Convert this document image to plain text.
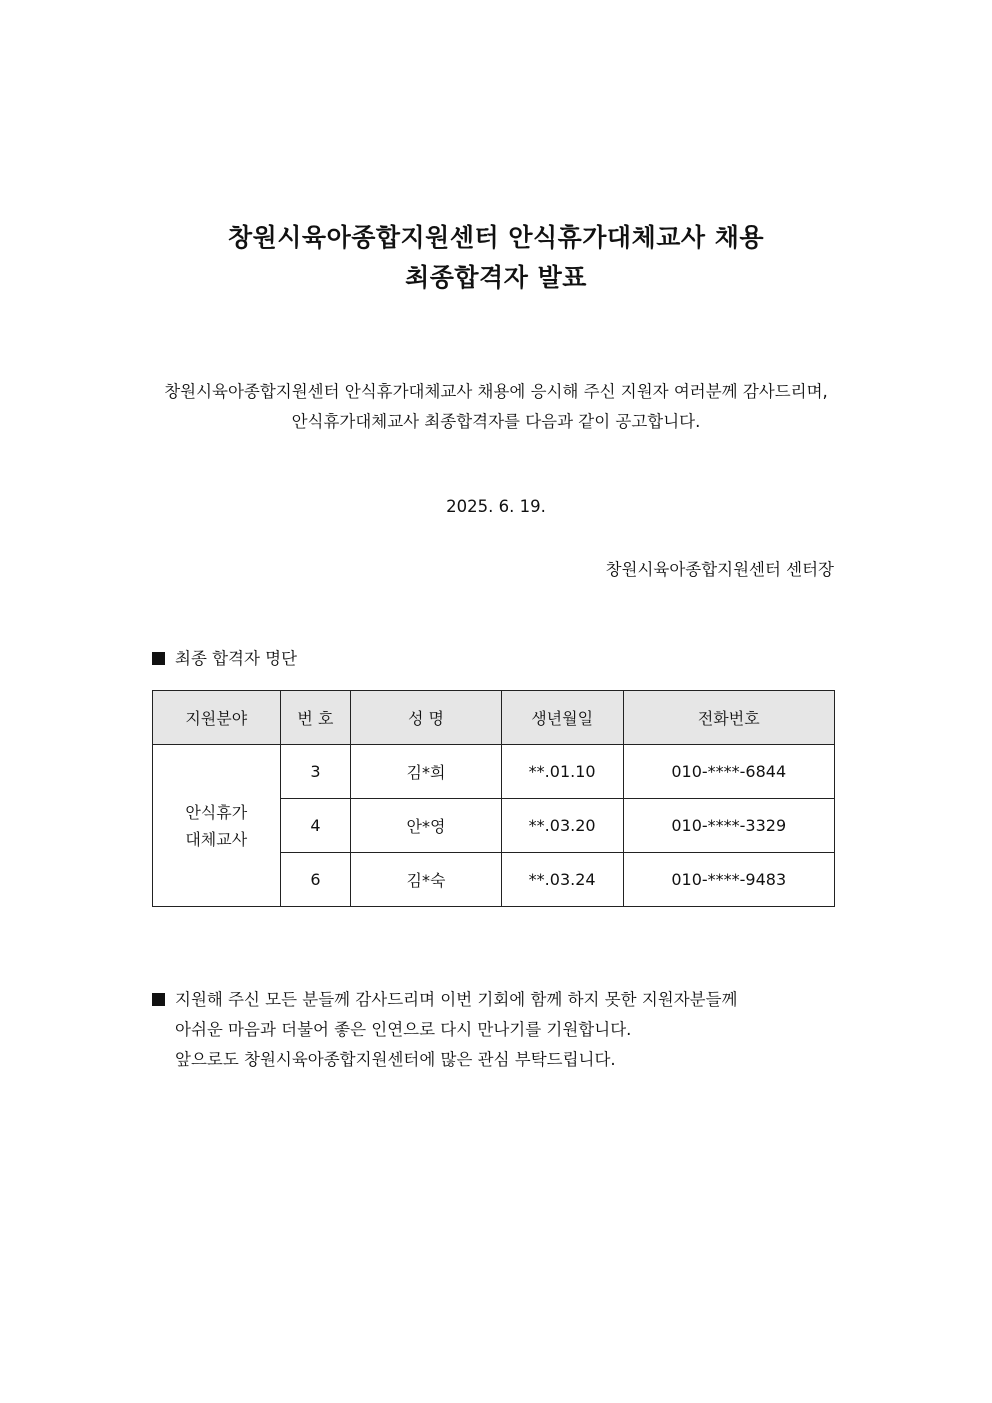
창원시육아종합지원센터 안식휴가대체교사 채용
최종합격자 발표
창원시육아종합지원센터 안식휴가대체교사 채용에 응시해 주신 지원자 여러분께 감사드리며,
안식휴가대체교사 최종합격자를 다음과 같이 공고합니다.
2025. 6. 19.
창원시육아종합지원센터 센터장
최종 합격자 명단
지원분야	번 호	성 명	생년월일	전화번호

안식휴가
대체교사	3	김*희	**.01.10	010-****-6844
	4	안*영	**.03.20	010-****-3329
	6	김*숙	**.03.24	010-****-9483
지원해 주신 모든 분들께 감사드리며 이번 기회에 함께 하지 못한 지원자분들께
아쉬운 마음과 더불어 좋은 인연으로 다시 만나기를 기원합니다.
앞으로도 창원시육아종합지원센터에 많은 관심 부탁드립니다.
